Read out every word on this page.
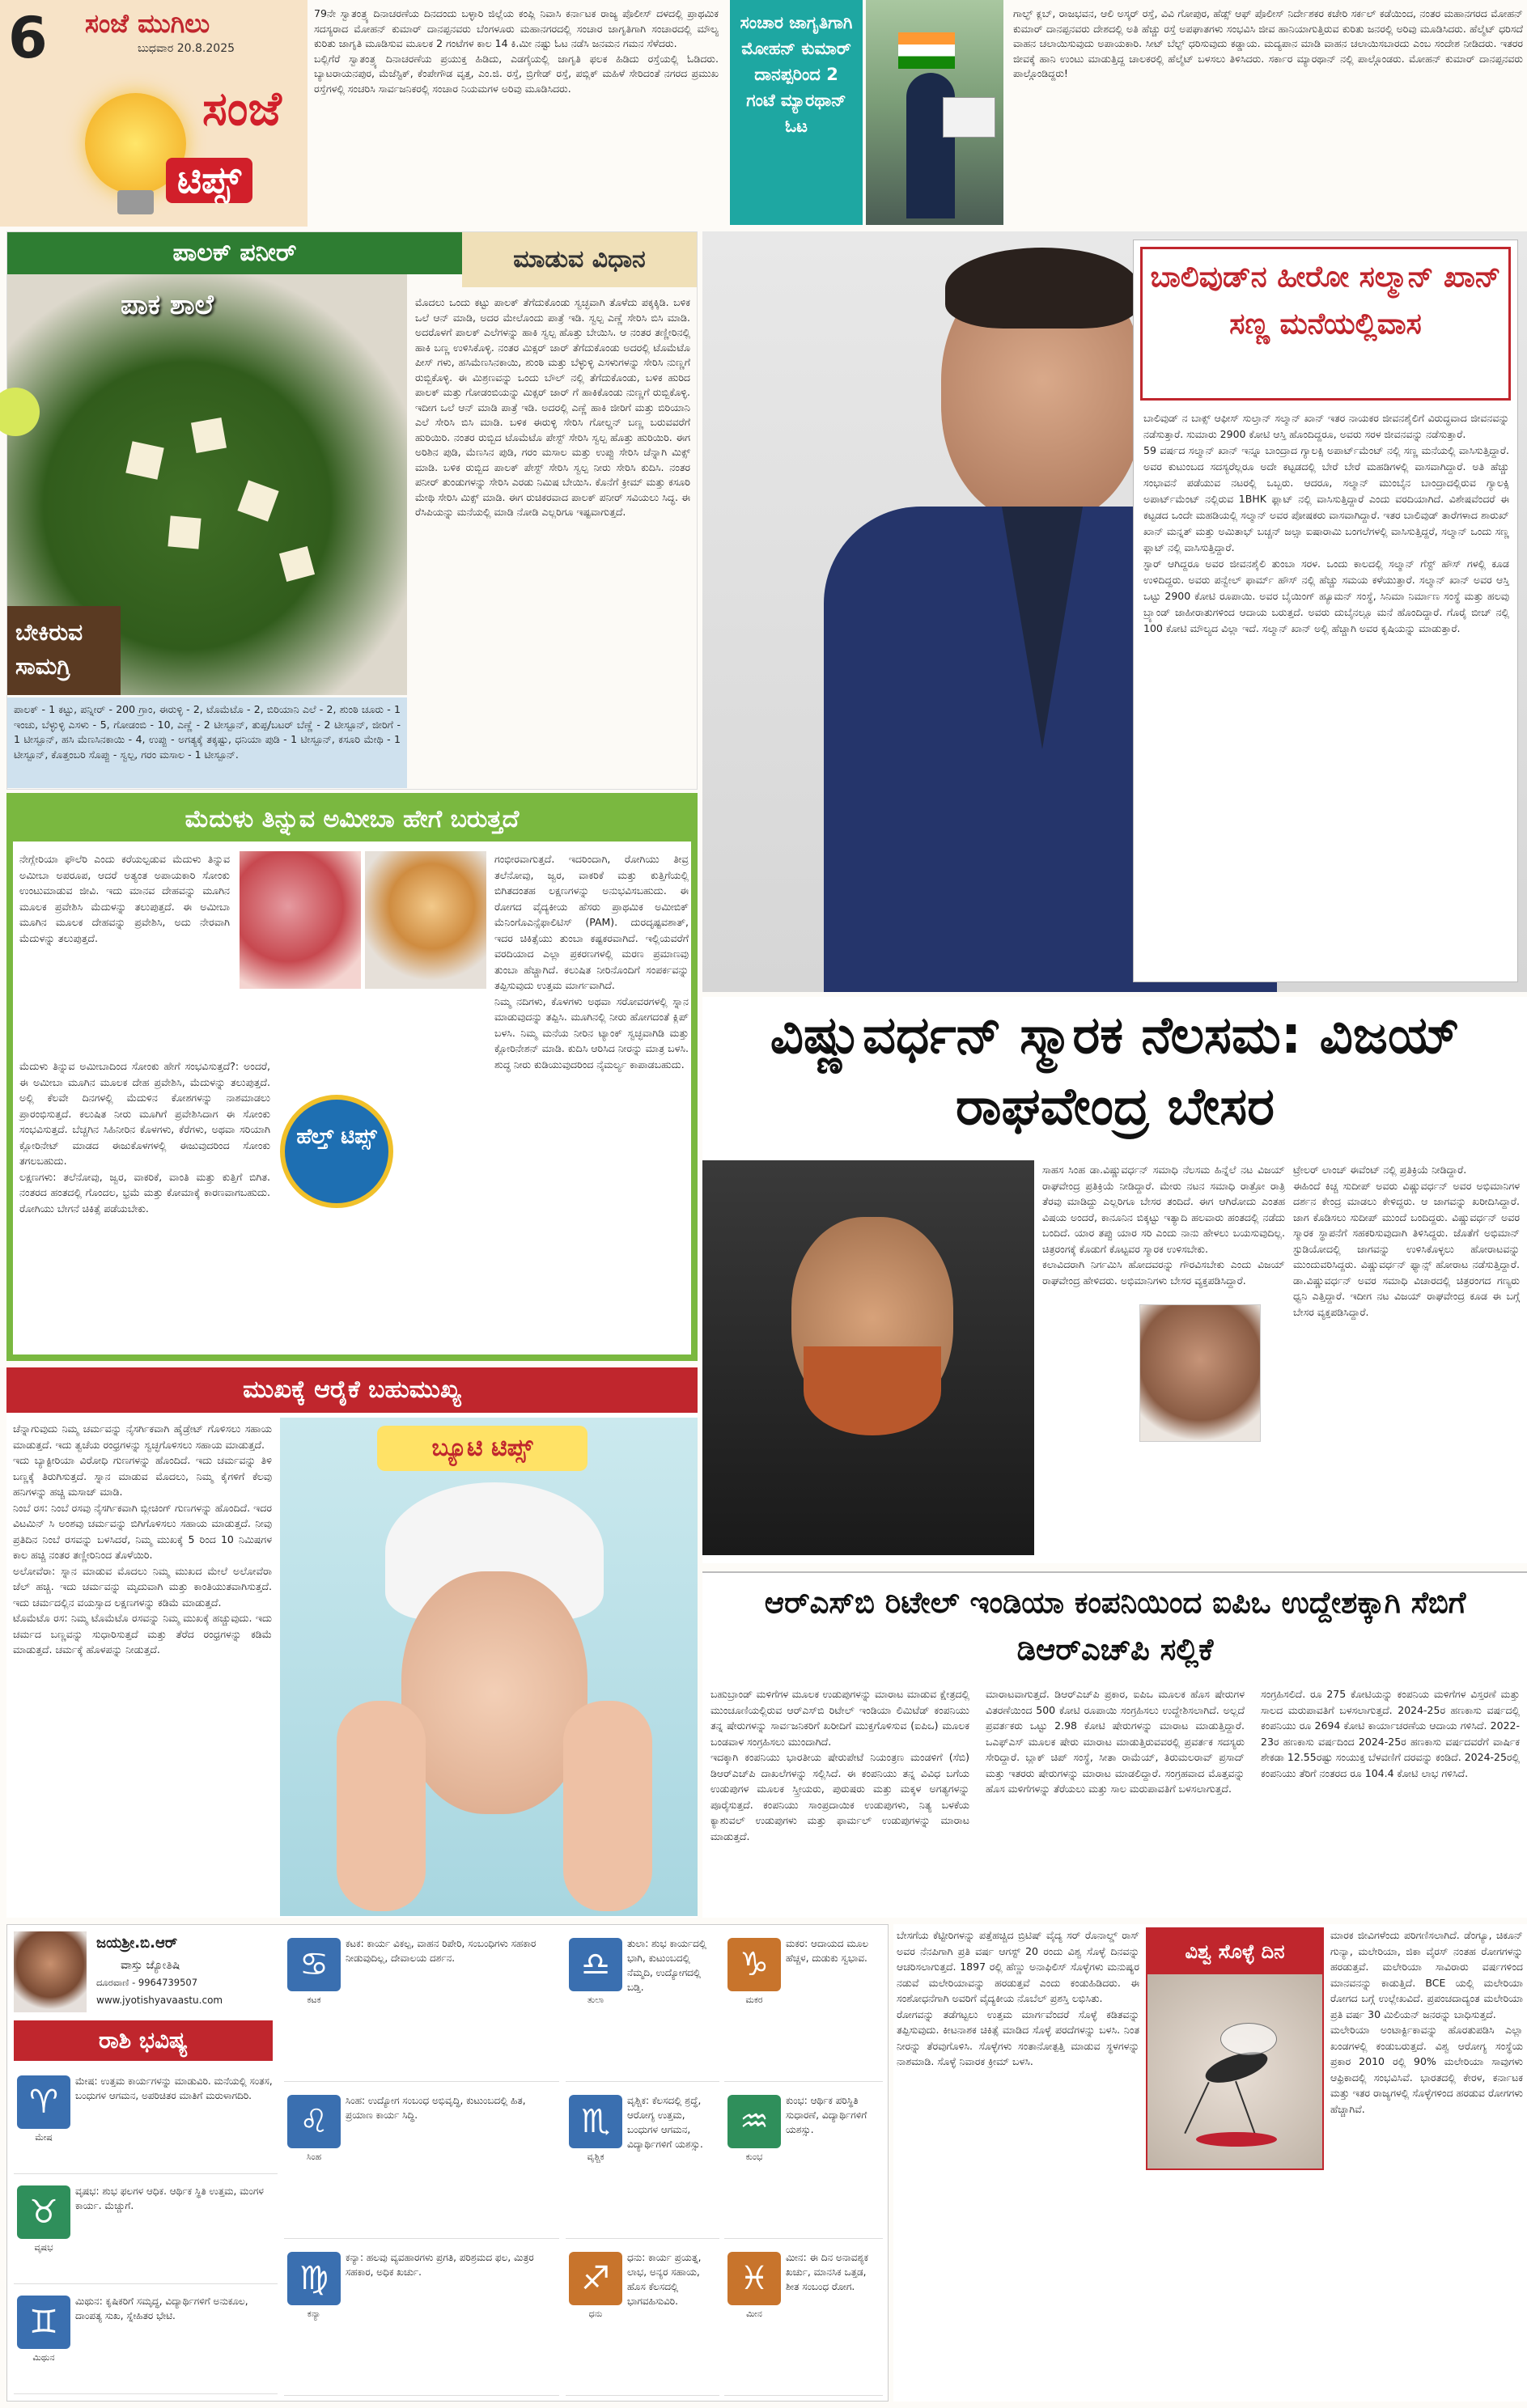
6 ಸಂಜೆ ಮುಗಿಲು
ಬುಧವಾರ 20.8.2025
ಸಂಜೆ
ಟಿಪ್ಸ್
79ನೇ ಸ್ವಾತಂತ್ರ್ಯ ದಿನಾಚರಣೆಯ ದಿನದಂದು ಬಳ್ಳಾರಿ ಜಿಲ್ಲೆಯ ಕಂಪ್ಲಿ ನಿವಾಸಿ ಕರ್ನಾಟಕ ರಾಜ್ಯ ಪೊಲೀಸ್ ದಳದಲ್ಲಿ ಪ್ರಾಥಮಿಕ ಸದಸ್ಯರಾದ ಮೋಹನ್ ಕುಮಾರ್ ದಾನಪ್ಪನವರು ಬೆಂಗಳೂರು ಮಹಾನಗರದಲ್ಲಿ ಸಂಚಾರ ಜಾಗೃತಿಗಾಗಿ ಸಂಚಾರದಲ್ಲಿ ಮೌಲ್ಯ ಕುರಿತು ಜಾಗೃತಿ ಮೂಡಿಸುವ ಮೂಲಕ 2 ಗಂಟೆಗಳ ಕಾಲ 14 ಕಿ.ಮೀ ನಷ್ಟು ಓಟ ನಡೆಸಿ ಜನಮನ ಗಮನ ಸೆಳೆದರು.
ಬಲ್ಲಿಗೆರೆ ಸ್ವಾತಂತ್ರ್ಯ ದಿನಾಚರಣೆಯ ಪ್ರಯುಕ್ತ ಹಿಡಿದು, ಎಡಗೈಯಲ್ಲಿ ಜಾಗೃತಿ ಫಲಕ ಹಿಡಿದು ರಸ್ತೆಯಲ್ಲಿ ಓಡಿದರು. ಬ್ಯಾಟರಾಯನಪುರ, ಮೆಜೆಸ್ಟಿಕ್, ಕೆಂಪೇಗೌಡ ವೃತ್ತ, ಎಂ.ಜಿ. ರಸ್ತೆ, ಬ್ರಿಗೇಡ್ ರಸ್ತೆ, ಪಬ್ಲಿಕ್ ಮಹಿಳೆ ಸೇರಿದಂತೆ ನಗರದ ಪ್ರಮುಖ ರಸ್ತೆಗಳಲ್ಲಿ ಸಂಚರಿಸಿ ಸಾರ್ವಜನಿಕರಲ್ಲಿ ಸಂಚಾರ ನಿಯಮಗಳ ಅರಿವು ಮೂಡಿಸಿದರು.
ಸಂಚಾರ ಜಾಗೃತಿಗಾಗಿ ಮೋಹನ್ ಕುಮಾರ್ ದಾನಪ್ಪರಿಂದ 2 ಗಂಟೆ ಮ್ಯಾರಥಾನ್ ಓಟ
ಗಾಲ್ಫ್ ಕ್ಲಬ್, ರಾಜಭವನ, ಆಲಿ ಅಸ್ಕರ್ ರಸ್ತೆ, ವಿವಿ ಗೋಪುರ, ಹೆಡ್ಸ್ ಆಫ್ ಪೊಲೀಸ್ ನಿರ್ದೇಶಕರ ಕಚೇರಿ ಸರ್ಕಲ್ ಕಡೆಯಿಂದ, ನಂತರ ಮಹಾನಗರದ ಮೋಹನ್ ಕುಮಾರ್ ದಾನಪ್ಪನವರು ದೇಶದಲ್ಲಿ ಅತಿ ಹೆಚ್ಚು ರಸ್ತೆ ಅಪಘಾತಗಳು ಸಂಭವಿಸಿ ಜೀವ ಹಾನಿಯಾಗುತ್ತಿರುವ ಕುರಿತು ಜನರಲ್ಲಿ ಅರಿವು ಮೂಡಿಸಿದರು. ಹೆಲ್ಮೆಟ್ ಧರಿಸದೆ ವಾಹನ ಚಲಾಯಿಸುವುದು ಅಪಾಯಕಾರಿ. ಸೀಟ್ ಬೆಲ್ಟ್ ಧರಿಸುವುದು ಕಡ್ಡಾಯ. ಮದ್ಯಪಾನ ಮಾಡಿ ವಾಹನ ಚಲಾಯಿಸಬಾರದು ಎಂಬ ಸಂದೇಶ ನೀಡಿದರು. ಇತರರ ಜೀವಕ್ಕೆ ಹಾನಿ ಉಂಟು ಮಾಡುತ್ತಿದ್ದ ಚಾಲಕರಲ್ಲಿ ಹೆಲ್ಮೆಟ್ ಬಳಸಲು ತಿಳಿಸಿದರು. ಸರ್ಕಾರ ಮ್ಯಾರಥಾನ್ ನಲ್ಲಿ ಪಾಲ್ಗೊಂಡರು. ಮೋಹನ್ ಕುಮಾರ್ ದಾನಪ್ಪನವರು ಪಾಲ್ಗೊಂಡಿದ್ದರು!
ಪಾಲಕ್ ಪನೀರ್	ಮಾಡುವ ವಿಧಾನ
ಪಾಕ ಶಾಲೆ
ಬೇಕಿರುವ ಸಾಮಗ್ರಿ
ಮೊದಲು ಒಂದು ಕಟ್ಟು ಪಾಲಕ್ ತೆಗೆದುಕೊಂಡು ಸ್ವಚ್ಛವಾಗಿ ತೊಳೆದು ಪಕ್ಕಕ್ಕಿಡಿ. ಬಳಿಕ ಒಲೆ ಆನ್ ಮಾಡಿ, ಅದರ ಮೇಲೊಂದು ಪಾತ್ರೆ ಇಡಿ. ಸ್ವಲ್ಪ ಎಣ್ಣೆ ಸೇರಿಸಿ ಬಿಸಿ ಮಾಡಿ. ಅದರೊಳಗೆ ಪಾಲಕ್ ಎಲೆಗಳನ್ನು ಹಾಕಿ ಸ್ವಲ್ಪ ಹೊತ್ತು ಬೇಯಿಸಿ. ಆ ನಂತರ ತಣ್ಣೀರಿನಲ್ಲಿ ಹಾಕಿ ಬಣ್ಣ ಉಳಿಸಿಕೊಳ್ಳಿ. ನಂತರ ಮಿಕ್ಸರ್ ಜಾರ್ ತೆಗೆದುಕೊಂಡು ಅದರಲ್ಲಿ ಟೊಮೆಟೊ ಪೀಸ್ ಗಳು, ಹಸಿಮೆಣಸಿನಕಾಯಿ, ಶುಂಠಿ ಮತ್ತು ಬೆಳ್ಳುಳ್ಳಿ ಎಸಳುಗಳನ್ನು ಸೇರಿಸಿ ನುಣ್ಣಗೆ ರುಬ್ಬಿಕೊಳ್ಳಿ. ಈ ಮಿಶ್ರಣವನ್ನು ಒಂದು ಬೌಲ್ ನಲ್ಲಿ ತೆಗೆದುಕೊಂಡು, ಬಳಿಕ ಹುರಿದ ಪಾಲಕ್ ಮತ್ತು ಗೋಡಂಬಿಯನ್ನು ಮಿಕ್ಸರ್ ಜಾರ್ ಗೆ ಹಾಕಿಕೊಂಡು ನುಣ್ಣಗೆ ರುಬ್ಬಿಕೊಳ್ಳಿ. ಇದೀಗ ಒಲೆ ಆನ್ ಮಾಡಿ ಪಾತ್ರೆ ಇಡಿ. ಅದರಲ್ಲಿ ಎಣ್ಣೆ ಹಾಕಿ ಜೀರಿಗೆ ಮತ್ತು ಬಿರಿಯಾನಿ ಎಲೆ ಸೇರಿಸಿ ಬಿಸಿ ಮಾಡಿ. ಬಳಿಕ ಈರುಳ್ಳಿ ಸೇರಿಸಿ ಗೋಲ್ಡನ್ ಬಣ್ಣ ಬರುವವರೆಗೆ ಹುರಿಯಿರಿ. ನಂತರ ರುಬ್ಬಿದ ಟೊಮೆಟೊ ಪೇಸ್ಟ್ ಸೇರಿಸಿ ಸ್ವಲ್ಪ ಹೊತ್ತು ಹುರಿಯಿರಿ. ಈಗ ಅರಿಶಿನ ಪುಡಿ, ಮೆಣಸಿನ ಪುಡಿ, ಗರಂ ಮಸಾಲ ಮತ್ತು ಉಪ್ಪು ಸೇರಿಸಿ ಚೆನ್ನಾಗಿ ಮಿಕ್ಸ್ ಮಾಡಿ. ಬಳಿಕ ರುಬ್ಬಿದ ಪಾಲಕ್ ಪೇಸ್ಟ್ ಸೇರಿಸಿ ಸ್ವಲ್ಪ ನೀರು ಸೇರಿಸಿ ಕುದಿಸಿ. ನಂತರ ಪನೀರ್ ತುಂಡುಗಳನ್ನು ಸೇರಿಸಿ ಎರಡು ನಿಮಿಷ ಬೇಯಿಸಿ. ಕೊನೆಗೆ ಕ್ರೀಮ್ ಮತ್ತು ಕಸೂರಿ ಮೇಥಿ ಸೇರಿಸಿ ಮಿಕ್ಸ್ ಮಾಡಿ. ಈಗ ರುಚಿಕರವಾದ ಪಾಲಕ್ ಪನೀರ್ ಸವಿಯಲು ಸಿದ್ಧ. ಈ ರೆಸಿಪಿಯನ್ನು ಮನೆಯಲ್ಲಿ ಮಾಡಿ ನೋಡಿ ಎಲ್ಲರಿಗೂ ಇಷ್ಟವಾಗುತ್ತದೆ.
ಪಾಲಕ್ - 1 ಕಟ್ಟು, ಪನ್ನೀರ್ - 200 ಗ್ರಾಂ, ಈರುಳ್ಳಿ - 2, ಟೊಮೆಟೊ - 2, ಬಿರಿಯಾನಿ ಎಲೆ - 2, ಶುಂಠಿ ಚೂರು - 1 ಇಂಚು, ಬೆಳ್ಳುಳ್ಳಿ ಎಸಳು - 5, ಗೋಡಂಬಿ - 10, ಎಣ್ಣೆ - 2 ಟೀಸ್ಪೂನ್, ತುಪ್ಪ/ಬಟರ್ ಬೆಣ್ಣೆ - 2 ಟೀಸ್ಪೂನ್, ಜೀರಿಗೆ - 1 ಟೀಸ್ಪೂನ್, ಹಸಿ ಮೆಣಸಿನಕಾಯಿ - 4, ಉಪ್ಪು - ಅಗತ್ಯಕ್ಕೆ ತಕ್ಕಷ್ಟು, ಧನಿಯಾ ಪುಡಿ - 1 ಟೀಸ್ಪೂನ್, ಕಸೂರಿ ಮೇಥಿ - 1 ಟೀಸ್ಪೂನ್, ಕೊತ್ತಂಬರಿ ಸೊಪ್ಪು - ಸ್ವಲ್ಪ, ಗರಂ ಮಸಾಲ - 1 ಟೀಸ್ಪೂನ್.
ಬಾಲಿವುಡ್‌ನ ಹೀರೋ ಸಲ್ಮಾನ್ ಖಾನ್ ಸಣ್ಣ ಮನೆಯಲ್ಲಿವಾಸ
ಬಾಲಿವುಡ್ ನ ಬಾಕ್ಸ್ ಆಫೀಸ್ ಸುಲ್ತಾನ್ ಸಲ್ಮಾನ್ ಖಾನ್ ಇತರ ನಾಯಕರ ಜೀವನಶೈಲಿಗೆ ವಿರುದ್ಧವಾದ ಜೀವನವನ್ನು ನಡೆಸುತ್ತಾರೆ. ಸುಮಾರು 2900 ಕೋಟಿ ಆಸ್ತಿ ಹೊಂದಿದ್ದರೂ, ಅವರು ಸರಳ ಜೀವನವನ್ನು ನಡೆಸುತ್ತಾರೆ.
59 ವರ್ಷದ ಸಲ್ಮಾನ್ ಖಾನ್ ಇನ್ನೂ ಬಾಂದ್ರಾದ ಗ್ಯಾಲಕ್ಸಿ ಅಪಾರ್ಟ್‌ಮೆಂಟ್ ನಲ್ಲಿ ಸಣ್ಣ ಮನೆಯಲ್ಲಿ ವಾಸಿಸುತ್ತಿದ್ದಾರೆ. ಅವರ ಕುಟುಂಬದ ಸದಸ್ಯರೆಲ್ಲರೂ ಅದೇ ಕಟ್ಟಡದಲ್ಲಿ ಬೇರೆ ಬೇರೆ ಮಹಡಿಗಳಲ್ಲಿ ವಾಸವಾಗಿದ್ದಾರೆ. ಅತಿ ಹೆಚ್ಚು ಸಂಭಾವನೆ ಪಡೆಯುವ ನಟರಲ್ಲಿ ಒಬ್ಬರು. ಆದರೂ, ಸಲ್ಮಾನ್ ಮುಂಬೈನ ಬಾಂದ್ರಾದಲ್ಲಿರುವ ಗ್ಯಾಲಕ್ಸಿ ಅಪಾರ್ಟ್‌ಮೆಂಟ್ ನಲ್ಲಿರುವ 1BHK ಫ್ಲಾಟ್ ನಲ್ಲಿ ವಾಸಿಸುತ್ತಿದ್ದಾರೆ ಎಂದು ವರದಿಯಾಗಿದೆ. ವಿಶೇಷವೆಂದರೆ ಈ ಕಟ್ಟಡದ ಒಂದೇ ಮಹಡಿಯಲ್ಲಿ ಸಲ್ಮಾನ್ ಅವರ ಪೋಷಕರು ವಾಸವಾಗಿದ್ದಾರೆ. ಇತರ ಬಾಲಿವುಡ್ ತಾರೆಗಳಾದ ಶಾರುಖ್ ಖಾನ್ ಮನ್ನತ್ ಮತ್ತು ಅಮಿತಾಭ್ ಬಚ್ಚನ್ ಜಲ್ಸಾ ಐಷಾರಾಮಿ ಬಂಗಲೆಗಳಲ್ಲಿ ವಾಸಿಸುತ್ತಿದ್ದರೆ, ಸಲ್ಮಾನ್ ಒಂದು ಸಣ್ಣ ಫ್ಲಾಟ್ ನಲ್ಲಿ ವಾಸಿಸುತ್ತಿದ್ದಾರೆ.
ಸ್ಟಾರ್ ಆಗಿದ್ದರೂ ಅವರ ಜೀವನಶೈಲಿ ತುಂಬಾ ಸರಳ. ಒಂದು ಕಾಲದಲ್ಲಿ ಸಲ್ಮಾನ್ ಗೆಸ್ಟ್ ಹೌಸ್ ಗಳಲ್ಲಿ ಕೂಡ ಉಳಿದಿದ್ದರು. ಅವರು ಪನ್ವೇಲ್ ಫಾರ್ಮ್ ಹೌಸ್ ನಲ್ಲಿ ಹೆಚ್ಚು ಸಮಯ ಕಳೆಯುತ್ತಾರೆ. ಸಲ್ಮಾನ್ ಖಾನ್ ಅವರ ಆಸ್ತಿ ಒಟ್ಟು 2900 ಕೋಟಿ ರೂಪಾಯಿ. ಅವರ ಬೈಯಿಂಗ್ ಹ್ಯೂಮನ್ ಸಂಸ್ಥೆ, ಸಿನಿಮಾ ನಿರ್ಮಾಣ ಸಂಸ್ಥೆ ಮತ್ತು ಹಲವು ಬ್ರ್ಯಾಂಡ್ ಜಾಹೀರಾತುಗಳಿಂದ ಆದಾಯ ಬರುತ್ತದೆ. ಅವರು ದುಬೈನಲ್ಲೂ ಮನೆ ಹೊಂದಿದ್ದಾರೆ. ಗೊರೈ ಬೀಚ್ ನಲ್ಲಿ 100 ಕೋಟಿ ಮೌಲ್ಯದ ವಿಲ್ಲಾ ಇದೆ. ಸಲ್ಮಾನ್ ಖಾನ್ ಅಲ್ಲಿ ಹೆಚ್ಚಾಗಿ ಅವರ ಕೃಷಿಯನ್ನು ಮಾಡುತ್ತಾರೆ.
ಮೆದುಳು ತಿನ್ನುವ ಅಮೀಬಾ ಹೇಗೆ ಬರುತ್ತದೆ
ನೇಗ್ಲೇರಿಯಾ ಫೌಲೆರಿ ಎಂದು ಕರೆಯಲ್ಪಡುವ ಮೆದುಳು ತಿನ್ನುವ ಅಮೀಬಾ ಅಪರೂಪ, ಆದರೆ ಅತ್ಯಂತ ಅಪಾಯಕಾರಿ ಸೋಂಕು ಉಂಟುಮಾಡುವ ಜೀವಿ. ಇದು ಮಾನವ ದೇಹವನ್ನು ಮೂಗಿನ ಮೂಲಕ ಪ್ರವೇಶಿಸಿ ಮೆದುಳನ್ನು ತಲುಪುತ್ತದೆ. ಈ ಅಮೀಬಾ ಮೂಗಿನ ಮೂಲಕ ದೇಹವನ್ನು ಪ್ರವೇಶಿಸಿ, ಅದು ನೇರವಾಗಿ ಮೆದುಳನ್ನು ತಲುಪುತ್ತದೆ.
ಹೆಲ್ತ್ ಟಿಪ್ಸ್
ಮೆದುಳು ತಿನ್ನುವ ಅಮೀಬಾದಿಂದ ಸೋಂಕು ಹೇಗೆ ಸಂಭವಿಸುತ್ತದೆ?: ಅಂದರೆ, ಈ ಅಮೀಬಾ ಮೂಗಿನ ಮೂಲಕ ದೇಹ ಪ್ರವೇಶಿಸಿ, ಮೆದುಳನ್ನು ತಲುಪುತ್ತದೆ. ಅಲ್ಲಿ ಕೆಲವೇ ದಿನಗಳಲ್ಲಿ ಮೆದುಳಿನ ಕೋಶಗಳನ್ನು ನಾಶಮಾಡಲು ಪ್ರಾರಂಭಿಸುತ್ತದೆ. ಕಲುಷಿತ ನೀರು ಮೂಗಿಗೆ ಪ್ರವೇಶಿಸಿದಾಗ ಈ ಸೋಂಕು ಸಂಭವಿಸುತ್ತದೆ. ಬೆಚ್ಚಗಿನ ಸಿಹಿನೀರಿನ ಕೊಳಗಳು, ಕೆರೆಗಳು, ಅಥವಾ ಸರಿಯಾಗಿ ಕ್ಲೋರಿನೇಟ್ ಮಾಡದ ಈಜುಕೊಳಗಳಲ್ಲಿ ಈಜುವುದರಿಂದ ಸೋಂಕು ತಗಲಬಹುದು.
ಲಕ್ಷಣಗಳು: ತಲೆನೋವು, ಜ್ವರ, ವಾಕರಿಕೆ, ವಾಂತಿ ಮತ್ತು ಕುತ್ತಿಗೆ ಬಿಗಿತ. ನಂತರದ ಹಂತದಲ್ಲಿ ಗೊಂದಲ, ಭ್ರಮೆ ಮತ್ತು ಕೋಮಾಕ್ಕೆ ಕಾರಣವಾಗಬಹುದು. ರೋಗಿಯು ಬೇಗನೆ ಚಿಕಿತ್ಸೆ ಪಡೆಯಬೇಕು.
ಗಂಭೀರವಾಗುತ್ತದೆ. ಇದರಿಂದಾಗಿ, ರೋಗಿಯು ತೀವ್ರ ತಲೆನೋವು, ಜ್ವರ, ವಾಕರಿಕೆ ಮತ್ತು ಕುತ್ತಿಗೆಯಲ್ಲಿ ಬಿಗಿತದಂತಹ ಲಕ್ಷಣಗಳನ್ನು ಅನುಭವಿಸಬಹುದು. ಈ ರೋಗದ ವೈದ್ಯಕೀಯ ಹೆಸರು ಪ್ರಾಥಮಿಕ ಅಮೀಬಿಕ್ ಮೆನಿಂಗೊಎನ್ಸೆಫಾಲಿಟಿಸ್ (PAM). ದುರದೃಷ್ಟವಶಾತ್, ಇದರ ಚಿಕಿತ್ಸೆಯು ತುಂಬಾ ಕಷ್ಟಕರವಾಗಿದೆ. ಇಲ್ಲಿಯವರೆಗೆ ವರದಿಯಾದ ಎಲ್ಲಾ ಪ್ರಕರಣಗಳಲ್ಲಿ ಮರಣ ಪ್ರಮಾಣವು ತುಂಬಾ ಹೆಚ್ಚಾಗಿದೆ. ಕಲುಷಿತ ನೀರಿನೊಂದಿಗೆ ಸಂಪರ್ಕವನ್ನು ತಪ್ಪಿಸುವುದು ಉತ್ತಮ ಮಾರ್ಗವಾಗಿದೆ.
ನಿಮ್ಮ ನದಿಗಳು, ಕೊಳಗಳು ಅಥವಾ ಸರೋವರಗಳಲ್ಲಿ ಸ್ನಾನ ಮಾಡುವುದನ್ನು ತಪ್ಪಿಸಿ. ಮೂಗಿನಲ್ಲಿ ನೀರು ಹೋಗದಂತೆ ಕ್ಲಿಪ್ ಬಳಸಿ. ನಿಮ್ಮ ಮನೆಯ ನೀರಿನ ಟ್ಯಾಂಕ್ ಸ್ವಚ್ಛವಾಗಿಡಿ ಮತ್ತು ಕ್ಲೋರಿನೇಶನ್ ಮಾಡಿ. ಕುದಿಸಿ ಆರಿಸಿದ ನೀರನ್ನು ಮಾತ್ರ ಬಳಸಿ. ಶುದ್ಧ ನೀರು ಕುಡಿಯುವುದರಿಂದ ನೈಮರ್ಲ್ಯ ಕಾಪಾಡಬಹುದು.	ವಿಷ್ಣುವರ್ಧನ್ ಸ್ಮಾರಕ ನೆಲಸಮ: ವಿಜಯ್ ರಾಘವೇಂದ್ರ ಬೇಸರ
ಸಾಹಸ ಸಿಂಹ ಡಾ.ವಿಷ್ಣುವರ್ಧನ್ ಸಮಾಧಿ ನೆಲಸಮ ಹಿನ್ನೆಲೆ ನಟ ವಿಜಯ್ ರಾಘವೇಂದ್ರ ಪ್ರತಿಕ್ರಿಯೆ ನೀಡಿದ್ದಾರೆ. ಮೇರು ನಟನ ಸಮಾಧಿ ರಾತ್ರೋ ರಾತ್ರಿ ತೆರವು ಮಾಡಿದ್ದು ಎಲ್ಲರಿಗೂ ಬೇಸರ ತಂದಿದೆ. ಈಗ ಆಗಿರೋದು ಎಂತಹ ವಿಷಯ ಅಂದರೆ, ಕಾನೂನಿನ ಬಿಕ್ಕಟ್ಟು ಇತ್ಯಾದಿ ಹಲವಾರು ಹಂತದಲ್ಲಿ ನಡೆದು ಬಂದಿದೆ. ಯಾರ ತಪ್ಪು ಯಾರ ಸರಿ ಎಂದು ನಾನು ಹೇಳಲು ಬಯಸುವುದಿಲ್ಲ. ಚಿತ್ರರಂಗಕ್ಕೆ ಕೊಡುಗೆ ಕೊಟ್ಟವರ ಸ್ಮಾರಕ ಉಳಿಸಬೇಕು.
ಕಲಾವಿದರಾಗಿ ನಿರ್ಗಮಿಸಿ ಹೋದವರನ್ನು ಗೌರವಿಸಬೇಕು ಎಂದು ವಿಜಯ್ ರಾಘವೇಂದ್ರ ಹೇಳಿದರು. ಅಭಿಮಾನಿಗಳು ಬೇಸರ ವ್ಯಕ್ತಪಡಿಸಿದ್ದಾರೆ.
ಟ್ರೇಲರ್ ಲಾಂಚ್ ಈವೆಂಟ್ ನಲ್ಲಿ ಪ್ರತಿಕ್ರಿಯೆ ನೀಡಿದ್ದಾರೆ.
ಈಹಿಂದೆ ಕಿಚ್ಚ ಸುದೀಪ್ ಅವರು ವಿಷ್ಣುವರ್ಧನ್ ಅವರ ಅಭಿಮಾನಿಗಳ ದರ್ಶನ ಕೇಂದ್ರ ಮಾಡಲು ಕೇಳಿದ್ದರು. ಆ ಜಾಗವನ್ನು ಖರೀದಿಸಿದ್ದಾರೆ. ಜಾಗ ಕೊಡಿಸಲು ಸುದೀಪ್ ಮುಂದೆ ಬಂದಿದ್ದರು. ವಿಷ್ಣುವರ್ಧನ್ ಅವರ ಸ್ಮಾರಕ ಸ್ಥಾಪನೆಗೆ ಸಹಕರಿಸುವುದಾಗಿ ತಿಳಿಸಿದ್ದರು. ಜೊತೆಗೆ ಅಭಿಮಾನ್ ಸ್ಟುಡಿಯೋದಲ್ಲಿ ಜಾಗವನ್ನು ಉಳಿಸಿಕೊಳ್ಳಲು ಹೋರಾಟವನ್ನು ಮುಂದುವರಿಸಿದ್ದರು. ವಿಷ್ಣುವರ್ಧನ್ ಫ್ಯಾನ್ಸ್ ಹೋರಾಟ ನಡೆಸುತ್ತಿದ್ದಾರೆ. ಡಾ.ವಿಷ್ಣುವರ್ಧನ್ ಅವರ ಸಮಾಧಿ ವಿಚಾರದಲ್ಲಿ ಚಿತ್ರರಂಗದ ಗಣ್ಯರು ಧ್ವನಿ ಎತ್ತಿದ್ದಾರೆ. ಇದೀಗ ನಟ ವಿಜಯ್ ರಾಘವೇಂದ್ರ ಕೂಡ ಈ ಬಗ್ಗೆ ಬೇಸರ ವ್ಯಕ್ತಪಡಿಸಿದ್ದಾರೆ.
ಮುಖಕ್ಕೆ ಆರೈಕೆ ಬಹುಮುಖ್ಯ
ಚೆನ್ನಾಗುವುದು ನಿಮ್ಮ ಚರ್ಮವನ್ನು ನೈಸರ್ಗಿಕವಾಗಿ ಹೈಡ್ರೇಟ್ ಗೊಳಿಸಲು ಸಹಾಯ ಮಾಡುತ್ತದೆ. ಇದು ತ್ವಚೆಯ ರಂಧ್ರಗಳನ್ನು ಸ್ವಚ್ಛಗೊಳಿಸಲು ಸಹಾಯ ಮಾಡುತ್ತದೆ.
ಇದು ಬ್ಯಾಕ್ಟೀರಿಯಾ ವಿರೋಧಿ ಗುಣಗಳನ್ನು ಹೊಂದಿದೆ. ಇದು ಚರ್ಮವನ್ನು ತಿಳಿ ಬಣ್ಣಕ್ಕೆ ತಿರುಗಿಸುತ್ತದೆ. ಸ್ನಾನ ಮಾಡುವ ಮೊದಲು, ನಿಮ್ಮ ಕೈಗಳಿಗೆ ಕೆಲವು ಹನಿಗಳನ್ನು ಹಚ್ಚಿ ಮಸಾಜ್ ಮಾಡಿ.
ನಿಂಬೆ ರಸ: ನಿಂಬೆ ರಸವು ನೈಸರ್ಗಿಕವಾಗಿ ಬ್ಲೀಚಿಂಗ್ ಗುಣಗಳನ್ನು ಹೊಂದಿದೆ. ಇದರ ವಿಟಮಿನ್ ಸಿ ಅಂಶವು ಚರ್ಮವನ್ನು ಬಿಗಿಗೊಳಿಸಲು ಸಹಾಯ ಮಾಡುತ್ತದೆ. ನೀವು ಪ್ರತಿದಿನ ನಿಂಬೆ ರಸವನ್ನು ಬಳಸಿದರೆ, ನಿಮ್ಮ ಮುಖಕ್ಕೆ 5 ರಿಂದ 10 ನಿಮಿಷಗಳ ಕಾಲ ಹಚ್ಚಿ ನಂತರ ತಣ್ಣೀರಿನಿಂದ ತೊಳೆಯಿರಿ.
ಅಲೋವೆರಾ: ಸ್ನಾನ ಮಾಡುವ ಮೊದಲು ನಿಮ್ಮ ಮುಖದ ಮೇಲೆ ಅಲೋವೆರಾ ಜೆಲ್ ಹಚ್ಚಿ. ಇದು ಚರ್ಮವನ್ನು ಮೃದುವಾಗಿ ಮತ್ತು ಕಾಂತಿಯುತವಾಗಿಸುತ್ತದೆ. ಇದು ಚರ್ಮದಲ್ಲಿನ ವಯಸ್ಸಾದ ಲಕ್ಷಣಗಳನ್ನು ಕಡಿಮೆ ಮಾಡುತ್ತದೆ.
ಟೊಮೆಟೊ ರಸ: ನಿಮ್ಮ ಟೊಮೆಟೊ ರಸವನ್ನು ನಿಮ್ಮ ಮುಖಕ್ಕೆ ಹಚ್ಚುವುದು. ಇದು ಚರ್ಮದ ಬಣ್ಣವನ್ನು ಸುಧಾರಿಸುತ್ತದೆ ಮತ್ತು ತೆರೆದ ರಂಧ್ರಗಳನ್ನು ಕಡಿಮೆ ಮಾಡುತ್ತದೆ. ಚರ್ಮಕ್ಕೆ ಹೊಳಪನ್ನು ನೀಡುತ್ತದೆ.
ಬ್ಯೂಟಿ ಟಿಪ್ಸ್
ಆರ್‌ಎಸ್‌ಬಿ ರಿಟೇಲ್ ಇಂಡಿಯಾ ಕಂಪನಿಯಿಂದ ಐಪಿಒ ಉದ್ದೇಶಕ್ಕಾಗಿ ಸೆಬಿಗೆ ಡಿಆರ್‌ಎಚ್‌ಪಿ ಸಲ್ಲಿಕೆ
ಬಹುಬ್ರಾಂಡ್ ಮಳಿಗೆಗಳ ಮೂಲಕ ಉಡುಪುಗಳನ್ನು ಮಾರಾಟ ಮಾಡುವ ಕ್ಷೇತ್ರದಲ್ಲಿ ಮುಂಚೂಣಿಯಲ್ಲಿರುವ ಆರ್‌ಎಸ್‌ಬಿ ರಿಟೇಲ್ ಇಂಡಿಯಾ ಲಿಮಿಟೆಡ್ ಕಂಪನಿಯು ತನ್ನ ಷೇರುಗಳನ್ನು ಸಾರ್ವಜನಿಕರಿಗೆ ಖರೀದಿಗೆ ಮುಕ್ತಗೊಳಿಸುವ (ಐಪಿಒ) ಮೂಲಕ ಬಂಡವಾಳ ಸಂಗ್ರಹಿಸಲು ಮುಂದಾಗಿದೆ.
ಇದಕ್ಕಾಗಿ ಕಂಪನಿಯು ಭಾರತೀಯ ಷೇರುಪೇಟೆ ನಿಯಂತ್ರಣ ಮಂಡಳಿಗೆ (ಸೆಬಿ) ಡಿಆರ್‌ಎಚ್‌ಪಿ ದಾಖಲೆಗಳನ್ನು ಸಲ್ಲಿಸಿದೆ. ಈ ಕಂಪನಿಯು ತನ್ನ ವಿವಿಧ ಬಗೆಯ ಉಡುಪುಗಳ ಮೂಲಕ ಸ್ತ್ರೀಯರು, ಪುರುಷರು ಮತ್ತು ಮಕ್ಕಳ ಅಗತ್ಯಗಳನ್ನು ಪೂರೈಸುತ್ತದೆ. ಕಂಪನಿಯು ಸಾಂಪ್ರದಾಯಿಕ ಉಡುಪುಗಳು, ನಿತ್ಯ ಬಳಕೆಯ ಕ್ಯಾಶುವಲ್ ಉಡುಪುಗಳು ಮತ್ತು ಫಾರ್ಮಲ್ ಉಡುಪುಗಳನ್ನು ಮಾರಾಟ ಮಾಡುತ್ತದೆ.
ಮಾರಾಟವಾಗುತ್ತದೆ. ಡಿಆರ್‌ಎಚ್‌ಪಿ ಪ್ರಕಾರ, ಐಪಿಒ ಮೂಲಕ ಹೊಸ ಷೇರುಗಳ ವಿತರಣೆಯಿಂದ 500 ಕೋಟಿ ರೂಪಾಯಿ ಸಂಗ್ರಹಿಸಲು ಉದ್ದೇಶಿಸಲಾಗಿದೆ. ಅಲ್ಲದೆ ಪ್ರವರ್ತಕರು ಒಟ್ಟು 2.98 ಕೋಟಿ ಷೇರುಗಳನ್ನು ಮಾರಾಟ ಮಾಡುತ್ತಿದ್ದಾರೆ. ಒಎಫ್‌ಎಸ್ ಮೂಲಕ ಷೇರು ಮಾರಾಟ ಮಾಡುತ್ತಿರುವವರಲ್ಲಿ ಪ್ರವರ್ತಕ ಸದಸ್ಯರು ಸೇರಿದ್ದಾರೆ. ಬ್ಲಾಕ್ ಚಿಪ್ ಸಂಸ್ಥೆ, ಸೀತಾ ರಾಮೆಯ್, ತಿರುಮಲರಾವ್ ಪ್ರಸಾದ್ ಮತ್ತು ಇತರರು ಷೇರುಗಳನ್ನು ಮಾರಾಟ ಮಾಡಲಿದ್ದಾರೆ. ಸಂಗ್ರಹವಾದ ಮೊತ್ತವನ್ನು ಹೊಸ ಮಳಿಗೆಗಳನ್ನು ತೆರೆಯಲು ಮತ್ತು ಸಾಲ ಮರುಪಾವತಿಗೆ ಬಳಸಲಾಗುತ್ತದೆ.
ಸಂಗ್ರಹಿಸಲಿದೆ. ರೂ 275 ಕೋಟಿಯನ್ನು ಕಂಪನಿಯ ಮಳಿಗೆಗಳ ವಿಸ್ತರಣೆ ಮತ್ತು ಸಾಲದ ಮರುಪಾವತಿಗೆ ಬಳಸಲಾಗುತ್ತದೆ. 2024-25ರ ಹಣಕಾಸು ವರ್ಷದಲ್ಲಿ ಕಂಪನಿಯು ರೂ 2694 ಕೋಟಿ ಕಾರ್ಯಾಚರಣೆಯ ಆದಾಯ ಗಳಿಸಿದೆ. 2022-23ರ ಹಣಕಾಸು ವರ್ಷದಿಂದ 2024-25ರ ಹಣಕಾಸು ವರ್ಷದವರೆಗೆ ವಾರ್ಷಿಕ ಶೇಕಡಾ 12.55ರಷ್ಟು ಸಂಯುಕ್ತ ಬೆಳವಣಿಗೆ ದರವನ್ನು ಕಂಡಿದೆ. 2024-25ರಲ್ಲಿ ಕಂಪನಿಯು ತೆರಿಗೆ ನಂತರದ ರೂ 104.4 ಕೋಟಿ ಲಾಭ ಗಳಿಸಿದೆ.
ಜಯಶ್ರೀ.ಬಿ.ಆರ್
ವಾಸ್ತು ಜ್ಯೋತಿಷಿ
ದೂರವಾಣಿ - 9964739507
www.jyotishyavaastu.com
ರಾಶಿ ಭವಿಷ್ಯ
♈
ಮೇಷ
ಮೇಷ: ಉತ್ತಮ ಕಾರ್ಯಗಳನ್ನು ಮಾಡುವಿರಿ. ಮನೆಯಲ್ಲಿ ಸಂತಸ, ಬಂಧುಗಳ ಆಗಮನ, ಅಪರಿಚಿತರ ಮಾತಿಗೆ ಮರುಳಾಗದಿರಿ.
♉
ವೃಷಭ
ವೃಷಭ: ಶುಭ ಫಲಗಳ ಆಧಿಕ. ಆರ್ಥಿಕ ಸ್ಥಿತಿ ಉತ್ತಮ, ಮಂಗಳ ಕಾರ್ಯ. ಮೆಚ್ಚುಗೆ.
♊
ಮಿಥುನ
ಮಿಥುನ: ಕೃಷಿಕರಿಗೆ ಸಮೃದ್ಧ, ವಿದ್ಯಾರ್ಥಿಗಳಿಗೆ ಅನುಕೂಲ, ದಾಂಪತ್ಯ ಸುಖ, ಸ್ನೇಹಿತರ ಭೇಟಿ.
♋
ಕಟಕ
ಕಟಕ: ಕಾರ್ಯ ವಿಕಲ್ಪ, ವಾಹನ ರಿಪೇರಿ, ಸಂಬಂಧಿಗಳು ಸಹಕಾರ ನೀಡುವುದಿಲ್ಲ, ದೇವಾಲಯ ದರ್ಶನ.
♌
ಸಿಂಹ
ಸಿಂಹ: ಉದ್ಯೋಗ ಸಂಬಂಧ ಅಭಿವೃದ್ಧಿ, ಕುಟುಂಬದಲ್ಲಿ ಹಿತ, ಪ್ರಯಾಣ ಕಾರ್ಯ ಸಿದ್ಧಿ.
♍
ಕನ್ಯಾ
ಕನ್ಯಾ: ಹಲವು ವ್ಯವಹಾರಗಳು ಪ್ರಗತಿ, ಪರಿಶ್ರಮದ ಫಲ, ಮಿತ್ರರ ಸಹಕಾರ, ಅಧಿಕ ಖರ್ಚು.
♎
ತುಲಾ
ತುಲಾ: ಶುಭ ಕಾರ್ಯದಲ್ಲಿ ಭಾಗಿ, ಕುಟುಂಬದಲ್ಲಿ ನೆಮ್ಮದಿ, ಉದ್ಯೋಗದಲ್ಲಿ ಬಡ್ತಿ.
♏
ವೃಶ್ಚಿಕ
ವೃಶ್ಚಿಕ: ಕೆಲಸದಲ್ಲಿ ಶ್ರದ್ಧೆ, ಆರೋಗ್ಯ ಉತ್ತಮ, ಬಂಧುಗಳ ಆಗಮನ, ವಿದ್ಯಾರ್ಥಿಗಳಿಗೆ ಯಶಸ್ಸು.
♐
ಧನು
ಧನು: ಕಾರ್ಯ ಪ್ರಯತ್ನ, ಲಾಭ, ಅನ್ಯರ ಸಹಾಯ, ಹೊಸ ಕೆಲಸದಲ್ಲಿ ಭಾಗವಹಿಸುವಿರಿ.
♑
ಮಕರ
ಮಕರ: ಆದಾಯದ ಮೂಲ ಹೆಚ್ಚಳ, ದುಡುಕು ಸ್ವಭಾವ.
♒
ಕುಂಭ
ಕುಂಭ: ಆರ್ಥಿಕ ಪರಿಸ್ಥಿತಿ ಸುಧಾರಣೆ, ವಿದ್ಯಾರ್ಥಿಗಳಿಗೆ ಯಶಸ್ಸು.
♓
ಮೀನ
ಮೀನ: ಈ ದಿನ ಅನಾವಶ್ಯಕ ಖರ್ಚು, ಮಾನಸಿಕ ಒತ್ತಡ, ಶೀತ ಸಂಬಂಧ ರೋಗ.
ಬೇಸಗೆಯ ಕೆಟ್ಟೀರಿಗಳನ್ನು ಪತ್ತೆಹಚ್ಚಿದ ಬ್ರಿಟಿಷ್ ವೈದ್ಯ ಸರ್ ರೊನಾಲ್ಡ್ ರಾಸ್ ಅವರ ನೆನಪಿಗಾಗಿ ಪ್ರತಿ ವರ್ಷ ಆಗಸ್ಟ್ 20 ರಂದು ವಿಶ್ವ ಸೊಳ್ಳೆ ದಿನವನ್ನು ಆಚರಿಸಲಾಗುತ್ತದೆ. 1897 ರಲ್ಲಿ ಹೆಣ್ಣು ಅನಾಫಿಲಿಸ್ ಸೊಳ್ಳೆಗಳು ಮನುಷ್ಯರ ನಡುವೆ ಮಲೇರಿಯಾವನ್ನು ಹರಡುತ್ತವೆ ಎಂದು ಕಂಡುಹಿಡಿದರು. ಈ ಸಂಶೋಧನೆಗಾಗಿ ಅವರಿಗೆ ವೈದ್ಯಕೀಯ ನೊಬೆಲ್ ಪ್ರಶಸ್ತಿ ಲಭಿಸಿತು.
ರೋಗವನ್ನು ತಡೆಗಟ್ಟಲು ಉತ್ತಮ ಮಾರ್ಗವೆಂದರೆ ಸೊಳ್ಳೆ ಕಡಿತವನ್ನು ತಪ್ಪಿಸುವುದು. ಕೀಟನಾಶಕ ಚಿಕಿತ್ಸೆ ಮಾಡಿದ ಸೊಳ್ಳೆ ಪರದೆಗಳನ್ನು ಬಳಸಿ. ನಿಂತ ನೀರನ್ನು ತೆರವುಗೊಳಿಸಿ. ಸೊಳ್ಳೆಗಳು ಸಂತಾನೋತ್ಪತ್ತಿ ಮಾಡುವ ಸ್ಥಳಗಳನ್ನು ನಾಶಮಾಡಿ. ಸೊಳ್ಳೆ ನಿವಾರಕ ಕ್ರೀಮ್ ಬಳಸಿ.
ವಿಶ್ವ ಸೊಳ್ಳೆ ದಿನ
ಮಾರಕ ಜೀವಿಗಳೆಂದು ಪರಿಗಣಿಸಲಾಗಿದೆ. ಡೆಂಗ್ಯೂ, ಚಿಕೂನ್ ಗುನ್ಯಾ, ಮಲೇರಿಯಾ, ಜಿಕಾ ವೈರಸ್ ನಂತಹ ರೋಗಗಳನ್ನು ಹರಡುತ್ತವೆ. ಮಲೇರಿಯಾ ಸಾವಿರಾರು ವರ್ಷಗಳಿಂದ ಮಾನವನನ್ನು ಕಾಡುತ್ತಿದೆ. BCE ಯಲ್ಲಿ ಮಲೇರಿಯಾ ರೋಗದ ಬಗ್ಗೆ ಉಲ್ಲೇಖವಿದೆ. ಪ್ರಪಂಚದಾದ್ಯಂತ ಮಲೇರಿಯಾ ಪ್ರತಿ ವರ್ಷ 30 ಮಿಲಿಯನ್ ಜನರನ್ನು ಬಾಧಿಸುತ್ತದೆ.
ಮಲೇರಿಯಾ ಅಂಟಾರ್ಕ್ಟಿಕಾವನ್ನು ಹೊರತುಪಡಿಸಿ ಎಲ್ಲಾ ಖಂಡಗಳಲ್ಲಿ ಕಂಡುಬರುತ್ತದೆ. ವಿಶ್ವ ಆರೋಗ್ಯ ಸಂಸ್ಥೆಯ ಪ್ರಕಾರ 2010 ರಲ್ಲಿ 90% ಮಲೇರಿಯಾ ಸಾವುಗಳು ಆಫ್ರಿಕಾದಲ್ಲಿ ಸಂಭವಿಸಿವೆ. ಭಾರತದಲ್ಲಿ ಕೇರಳ, ಕರ್ನಾಟಕ ಮತ್ತು ಇತರ ರಾಜ್ಯಗಳಲ್ಲಿ ಸೊಳ್ಳೆಗಳಿಂದ ಹರಡುವ ರೋಗಗಳು ಹೆಚ್ಚಾಗಿವೆ.
